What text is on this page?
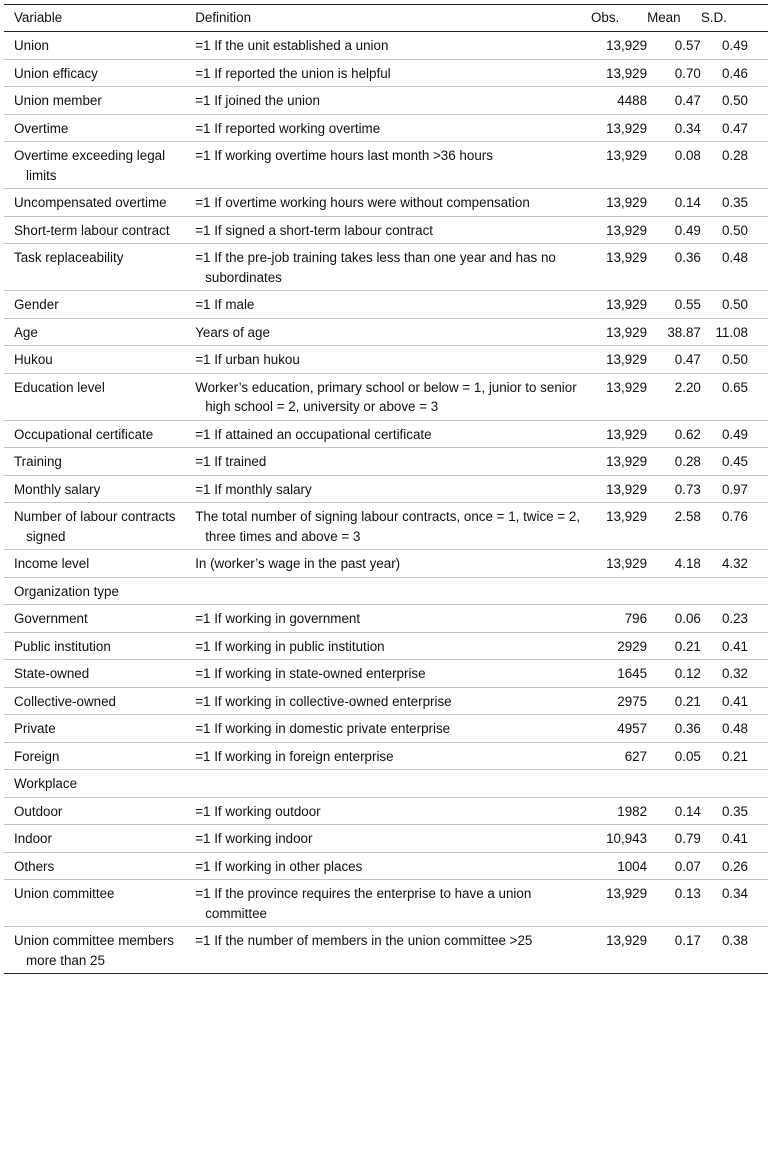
Variable	Definition	Obs.	Mean	S.D.

Union	=1 If the unit established a union	13,929	0.57	0.49

Union efficacy	=1 If reported the union is helpful	13,929	0.70	0.46

Union member	=1 If joined the union	4488	0.47	0.50

Overtime	=1 If reported working overtime	13,929	0.34	0.47

Overtime exceeding legal limits	=1 If working overtime hours last month >36 hours	13,929	0.08	0.28

Uncompensated overtime	=1 If overtime working hours were without compensation	13,929	0.14	0.35

Short-term labour contract	=1 If signed a short-term labour contract	13,929	0.49	0.50

Task replaceability	=1 If the pre-job training takes less than one year and has no subordinates	13,929	0.36	0.48

Gender	=1 If male	13,929	0.55	0.50

Age	Years of age	13,929	38.87	11.08

Hukou	=1 If urban hukou	13,929	0.47	0.50

Education level	Worker’s education, primary school or below = 1, junior to senior high school = 2, university or above = 3	13,929	2.20	0.65

Occupational certificate	=1 If attained an occupational certificate	13,929	0.62	0.49

Training	=1 If trained	13,929	0.28	0.45

Monthly salary	=1 If monthly salary	13,929	0.73	0.97

Number of labour contracts signed	The total number of signing labour contracts, once = 1, twice = 2, three times and above = 3	13,929	2.58	0.76

Income level	In (worker’s wage in the past year)	13,929	4.18	4.32

Organization type				

Government	=1 If working in government	796	0.06	0.23

Public institution	=1 If working in public institution	2929	0.21	0.41

State-owned	=1 If working in state-owned enterprise	1645	0.12	0.32

Collective-owned	=1 If working in collective-owned enterprise	2975	0.21	0.41

Private	=1 If working in domestic private enterprise	4957	0.36	0.48

Foreign	=1 If working in foreign enterprise	627	0.05	0.21

Workplace				

Outdoor	=1 If working outdoor	1982	0.14	0.35

Indoor	=1 If working indoor	10,943	0.79	0.41

Others	=1 If working in other places	1004	0.07	0.26

Union committee	=1 If the province requires the enterprise to have a union committee	13,929	0.13	0.34

Union committee members more than 25	=1 If the number of members in the union committee >25	13,929	0.17	0.38
